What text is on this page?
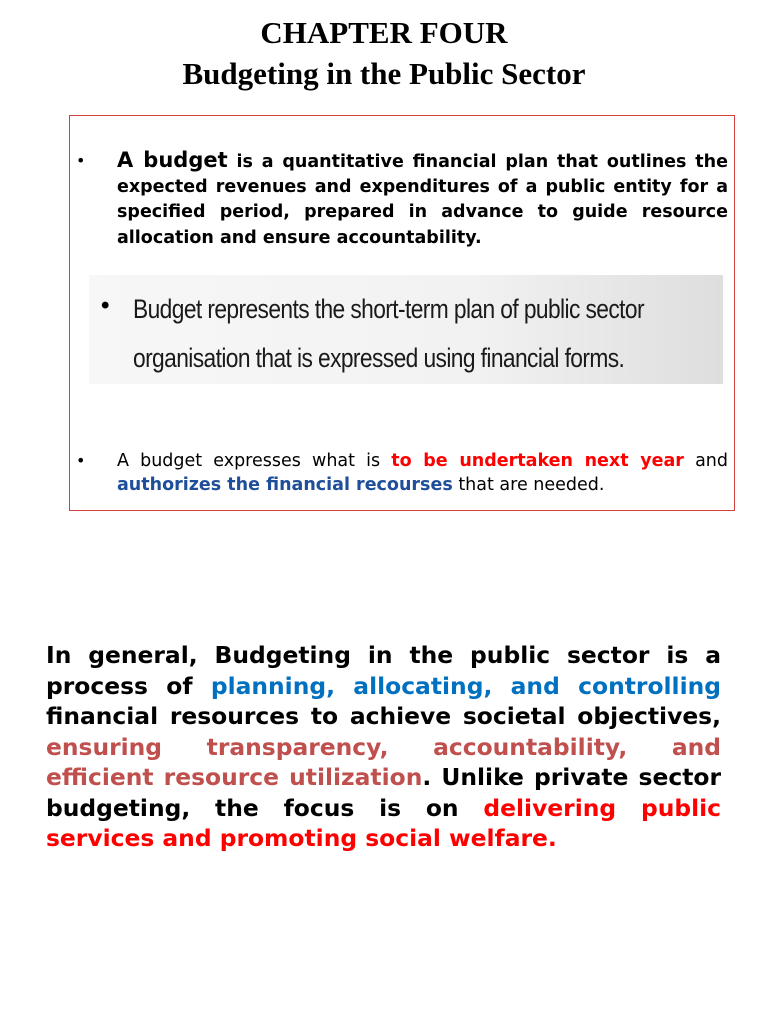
CHAPTER FOUR
Budgeting in the Public Sector
• A budget is a quantitative financial plan that outlines the expected revenues and expenditures of a public entity for a specified period, prepared in advance to guide resource allocation and ensure accountability.
• Budget represents the short-term plan of public sector
organisation that is expressed using financial forms.
• A budget expresses what is to be undertaken next year and authorizes the financial recourses that are needed.
In general, Budgeting in the public sector is a process of planning, allocating, and controlling financial resources to achieve societal objectives, ensuring transparency, accountability, and efficient resource utilization. Unlike private sector budgeting, the focus is on delivering public services and promoting social welfare.
